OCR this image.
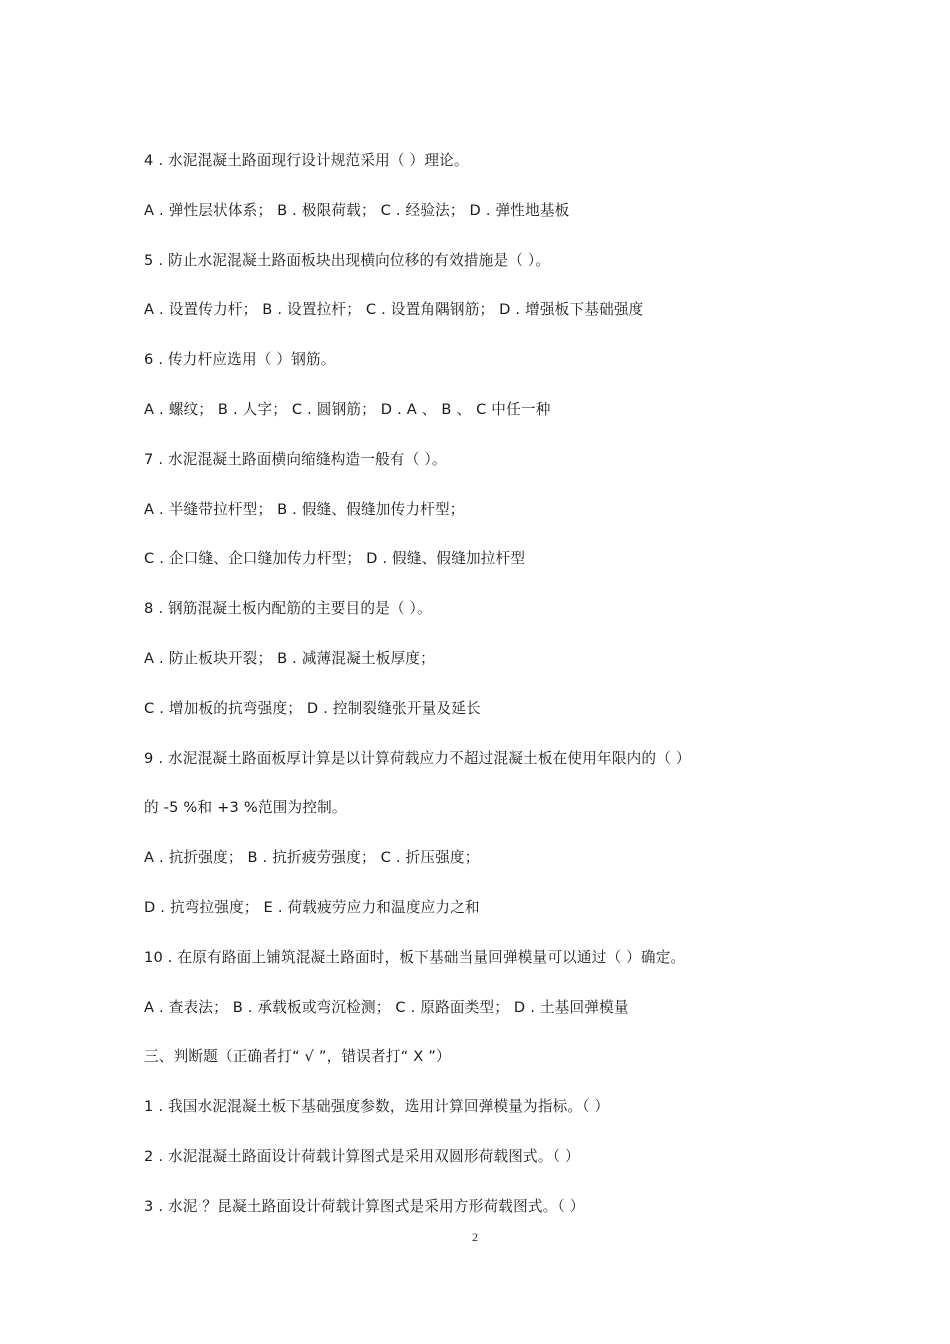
4 . 水泥混凝土路面现行设计规范采用（ ）理论。
A . 弹性层状体系； B . 极限荷载； C . 经验法； D . 弹性地基板
5 . 防止水泥混凝土路面板块出现横向位移的有效措施是（ ）。
A . 设置传力杆； B . 设置拉杆； C . 设置角隅钢筋； D . 增强板下基础强度
6 . 传力杆应选用（ ）钢筋。
A . 螺纹； B . 人字； C . 圆钢筋； D . A 、 B 、 C 中任一种
7 . 水泥混凝土路面横向缩缝构造一般有（ ）。
A . 半缝带拉杆型； B . 假缝、假缝加传力杆型；
C . 企口缝、企口缝加传力杆型； D . 假缝、假缝加拉杆型
8 . 钢筋混凝土板内配筋的主要目的是（ ）。
A . 防止板块开裂； B . 减薄混凝土板厚度；
C . 增加板的抗弯强度； D . 控制裂缝张开量及延长
9 . 水泥混凝土路面板厚计算是以计算荷载应力不超过混凝土板在使用年限内的（ ）
的 -5 %和 +3 %范围为控制。
A . 抗折强度； B . 抗折疲劳强度； C . 折压强度；
D . 抗弯拉强度； E . 荷载疲劳应力和温度应力之和
10 . 在原有路面上铺筑混凝土路面时，板下基础当量回弹模量可以通过（ ）确定。
A . 查表法； B . 承载板或弯沉检测； C . 原路面类型； D . 土基回弹模量
三、判断题（正确者打“ √ ”，错误者打“ X ”）
1 . 我国水泥混凝土板下基础强度参数，选用计算回弹模量为指标。（ ）
2 . 水泥混凝土路面设计荷载计算图式是采用双圆形荷载图式。（ ）
3 . 水泥 ？昆凝土路面设计荷载计算图式是采用方形荷载图式。（ ）
2
